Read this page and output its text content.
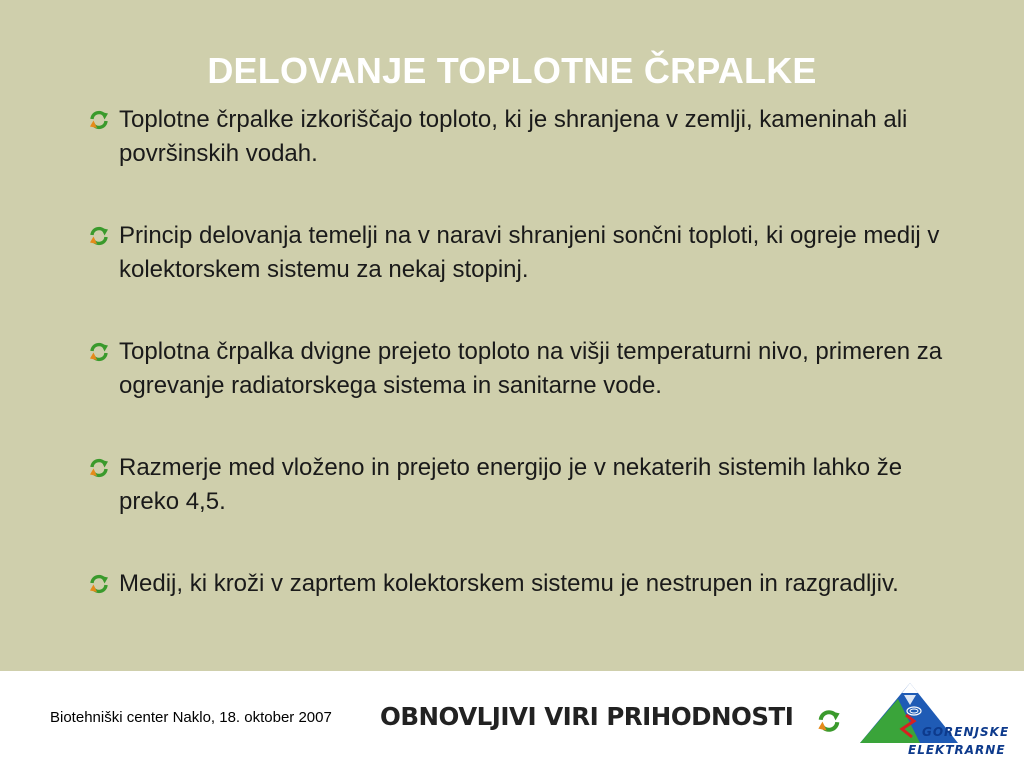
DELOVANJE TOPLOTNE ČRPALKE
Toplotne črpalke izkoriščajo toploto, ki je shranjena v zemlji, kameninah ali površinskih vodah.
Princip delovanja temelji na v naravi shranjeni sončni toploti, ki ogreje medij v kolektorskem sistemu za nekaj stopinj.
Toplotna črpalka dvigne prejeto toploto na višji temperaturni nivo, primeren za ogrevanje radiatorskega sistema in sanitarne vode.
Razmerje med vloženo in prejeto energijo je v nekaterih sistemih lahko že preko 4,5.
Medij, ki kroži v zaprtem kolektorskem sistemu je nestrupen in razgradljiv.
Biotehniški center Naklo, 18. oktober 2007 OBNOVLJIVI VIRI PRIHODNOSTI
GORENJSKE
ELEKTRARNE
